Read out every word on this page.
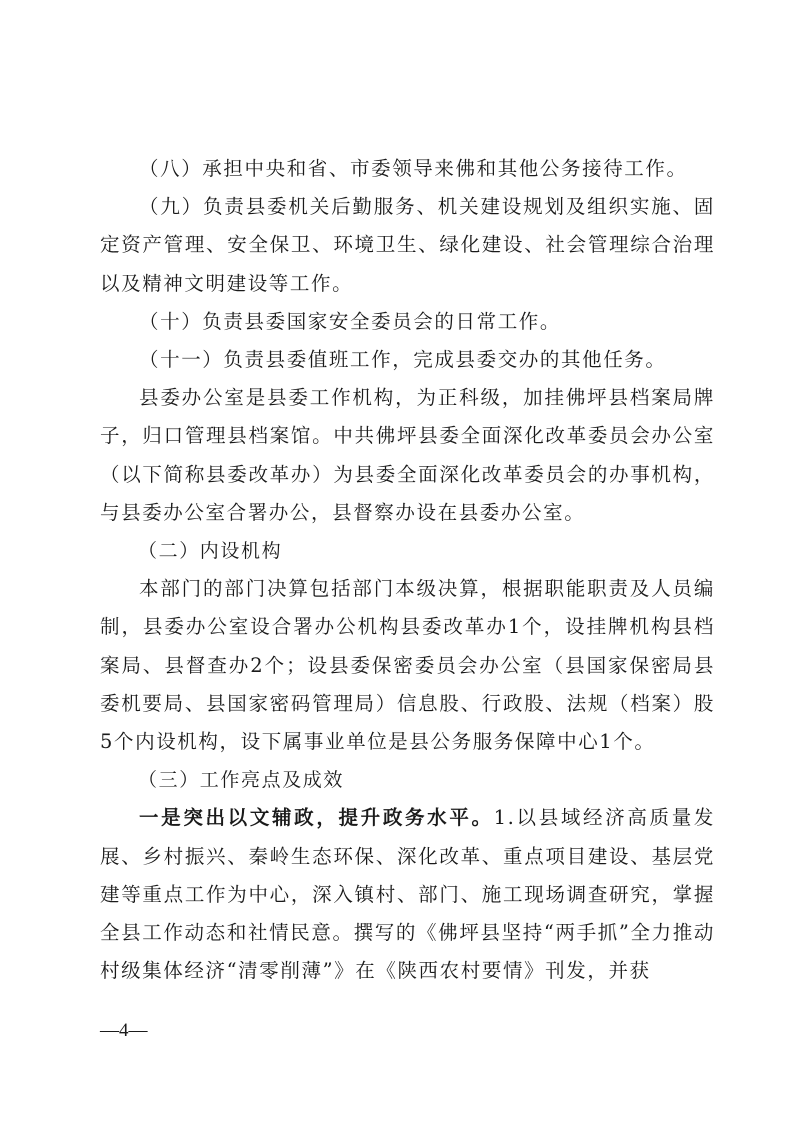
（八）承担中央和省、市委领导来佛和其他公务接待工作。

（九）负责县委机关后勤服务、机关建设规划及组织实施、固定资产管理、安全保卫、环境卫生、绿化建设、社会管理综合治理以及精神文明建设等工作。

（十）负责县委国家安全委员会的日常工作。

（十一）负责县委值班工作，完成县委交办的其他任务。

县委办公室是县委工作机构，为正科级，加挂佛坪县档案局牌子，归口管理县档案馆。中共佛坪县委全面深化改革委员会办公室（以下简称县委改革办）为县委全面深化改革委员会的办事机构，与县委办公室合署办公，县督察办设在县委办公室。

（二）内设机构

本部门的部门决算包括部门本级决算，根据职能职责及人员编制，县委办公室设合署办公机构县委改革办1个，设挂牌机构县档案局、县督查办2个；设县委保密委员会办公室（县国家保密局县委机要局、县国家密码管理局）信息股、行政股、法规（档案）股5个内设机构，设下属事业单位是县公务服务保障中心1个。

（三）工作亮点及成效

一是突出以文辅政，提升政务水平。1.以县域经济高质量发展、乡村振兴、秦岭生态环保、深化改革、重点项目建设、基层党建等重点工作为中心，深入镇村、部门、施工现场调查研究，掌握全县工作动态和社情民意。撰写的《佛坪县坚持“两手抓”全力推动村级集体经济“清零削薄”》在《陕西农村要情》刊发，并获

—4—
